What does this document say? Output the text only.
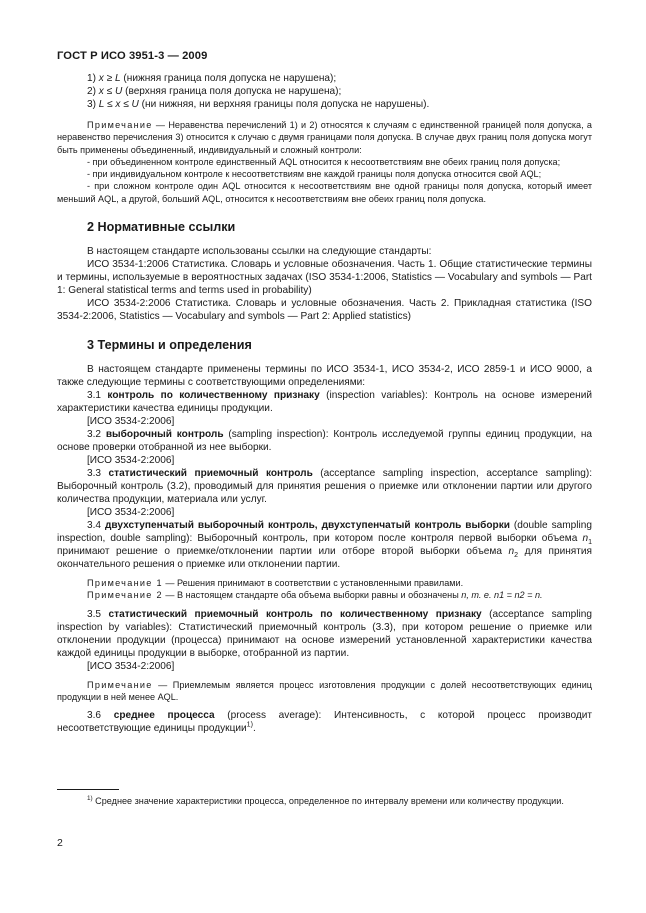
ГОСТ Р ИСО 3951-3 — 2009

1) x ≥ L (нижняя граница поля допуска не нарушена);

2) x ≤ U (верхняя граница поля допуска не нарушена);

3) L ≤ x ≤ U (ни нижняя, ни верхняя границы поля допуска не нарушены).

Примечание — Неравенства перечислений 1) и 2) относятся к случаям с единственной границей поля допуска, а неравенство перечисления 3) относится к случаю с двумя границами поля допуска. В случае двух границ поля допуска могут быть применены объединенный, индивидуальный и сложный контроли:

- при объединенном контроле единственный AQL относится к несоответствиям вне обеих границ поля допуска;

- при индивидуальном контроле к несоответствиям вне каждой границы поля допуска относится свой AQL;

- при сложном контроле один AQL относится к несоответствиям вне одной границы поля допуска, который имеет меньший AQL, а другой, больший AQL, относится к несоответствиям вне обеих границ поля допуска.

2 Нормативные ссылки

В настоящем стандарте использованы ссылки на следующие стандарты:

ИСО 3534-1:2006 Статистика. Словарь и условные обозначения. Часть 1. Общие статистические термины и термины, используемые в вероятностных задачах (ISO 3534-1:2006, Statistics — Vocabulary and symbols — Part 1: General statistical terms and terms used in probability)

ИСО 3534-2:2006 Статистика. Словарь и условные обозначения. Часть 2. Прикладная статистика (ISO 3534-2:2006, Statistics — Vocabulary and symbols — Part 2: Applied statistics)

3 Термины и определения

В настоящем стандарте применены термины по ИСО 3534-1, ИСО 3534-2, ИСО 2859-1 и ИСО 9000, а также следующие термины с соответствующими определениями:

3.1 контроль по количественному признаку (inspection variables): Контроль на основе измерений характеристики качества единицы продукции.

[ИСО 3534-2:2006]

3.2 выборочный контроль (sampling inspection): Контроль исследуемой группы единиц продукции, на основе проверки отобранной из нее выборки.

[ИСО 3534-2:2006]

3.3 статистический приемочный контроль (acceptance sampling inspection, acceptance sampling): Выборочный контроль (3.2), проводимый для принятия решения о приемке или отклонении партии или другого количества продукции, материала или услуг.

[ИСО 3534-2:2006]

3.4 двухступенчатый выборочный контроль, двухступенчатый контроль выборки (double sampling inspection, double sampling): Выборочный контроль, при котором после контроля первой выборки объема $n_1$ принимают решение о приемке/отклонении партии или отборе второй выборки объема $n_2$ для принятия окончательного решения о приемке или отклонении партии.

Примечание 1 — Решения принимают в соответствии с установленными правилами.

Примечание 2 — В настоящем стандарте оба объема выборки равны и обозначены n, т. е. n1 = n2 = n.

3.5 статистический приемочный контроль по количественному признаку (acceptance sampling inspection by variables): Статистический приемочный контроль (3.3), при котором решение о приемке или отклонении продукции (процесса) принимают на основе измерений установленной характеристики качества каждой единицы продукции в выборке, отобранной из партии.

[ИСО 3534-2:2006]

Примечание — Приемлемым является процесс изготовления продукции с долей несоответствующих единиц продукции в ней менее AQL.

3.6 среднее процесса (process average): Интенсивность, с которой процесс производит несоответствующие единицы продукции$^{1)}$.

$^{1)}$ Среднее значение характеристики процесса, определенное по интервалу времени или количеству продукции.

2
